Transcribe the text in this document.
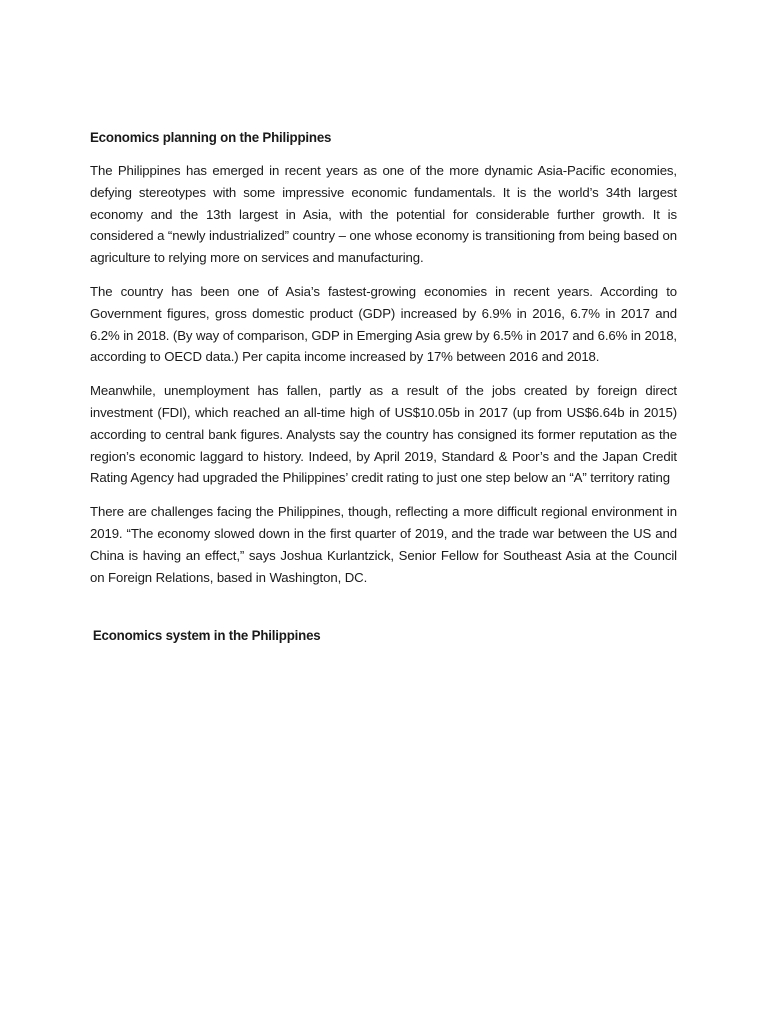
Economics planning on the Philippines

The Philippines has emerged in recent years as one of the more dynamic Asia-Pacific economies, defying stereotypes with some impressive economic fundamentals. It is the world’s 34th largest economy and the 13th largest in Asia, with the potential for considerable further growth. It is considered a “newly industrialized” country – one whose economy is transitioning from being based on agriculture to relying more on services and manufacturing.

The country has been one of Asia’s fastest-growing economies in recent years. According to Government figures, gross domestic product (GDP) increased by 6.9% in 2016, 6.7% in 2017 and 6.2% in 2018. (By way of comparison, GDP in Emerging Asia grew by 6.5% in 2017 and 6.6% in 2018, according to OECD data.) Per capita income increased by 17% between 2016 and 2018.

Meanwhile, unemployment has fallen, partly as a result of the jobs created by foreign direct investment (FDI), which reached an all-time high of US$10.05b in 2017 (up from US$6.64b in 2015) according to central bank figures. Analysts say the country has consigned its former reputation as the region’s economic laggard to history. Indeed, by April 2019, Standard & Poor’s and the Japan Credit Rating Agency had upgraded the Philippines’ credit rating to just one step below an “A” territory rating

There are challenges facing the Philippines, though, reflecting a more difficult regional environment in 2019. “The economy slowed down in the first quarter of 2019, and the trade war between the US and China is having an effect,” says Joshua Kurlantzick, Senior Fellow for Southeast Asia at the Council on Foreign Relations, based in Washington, DC.

Economics system in the Philippines
